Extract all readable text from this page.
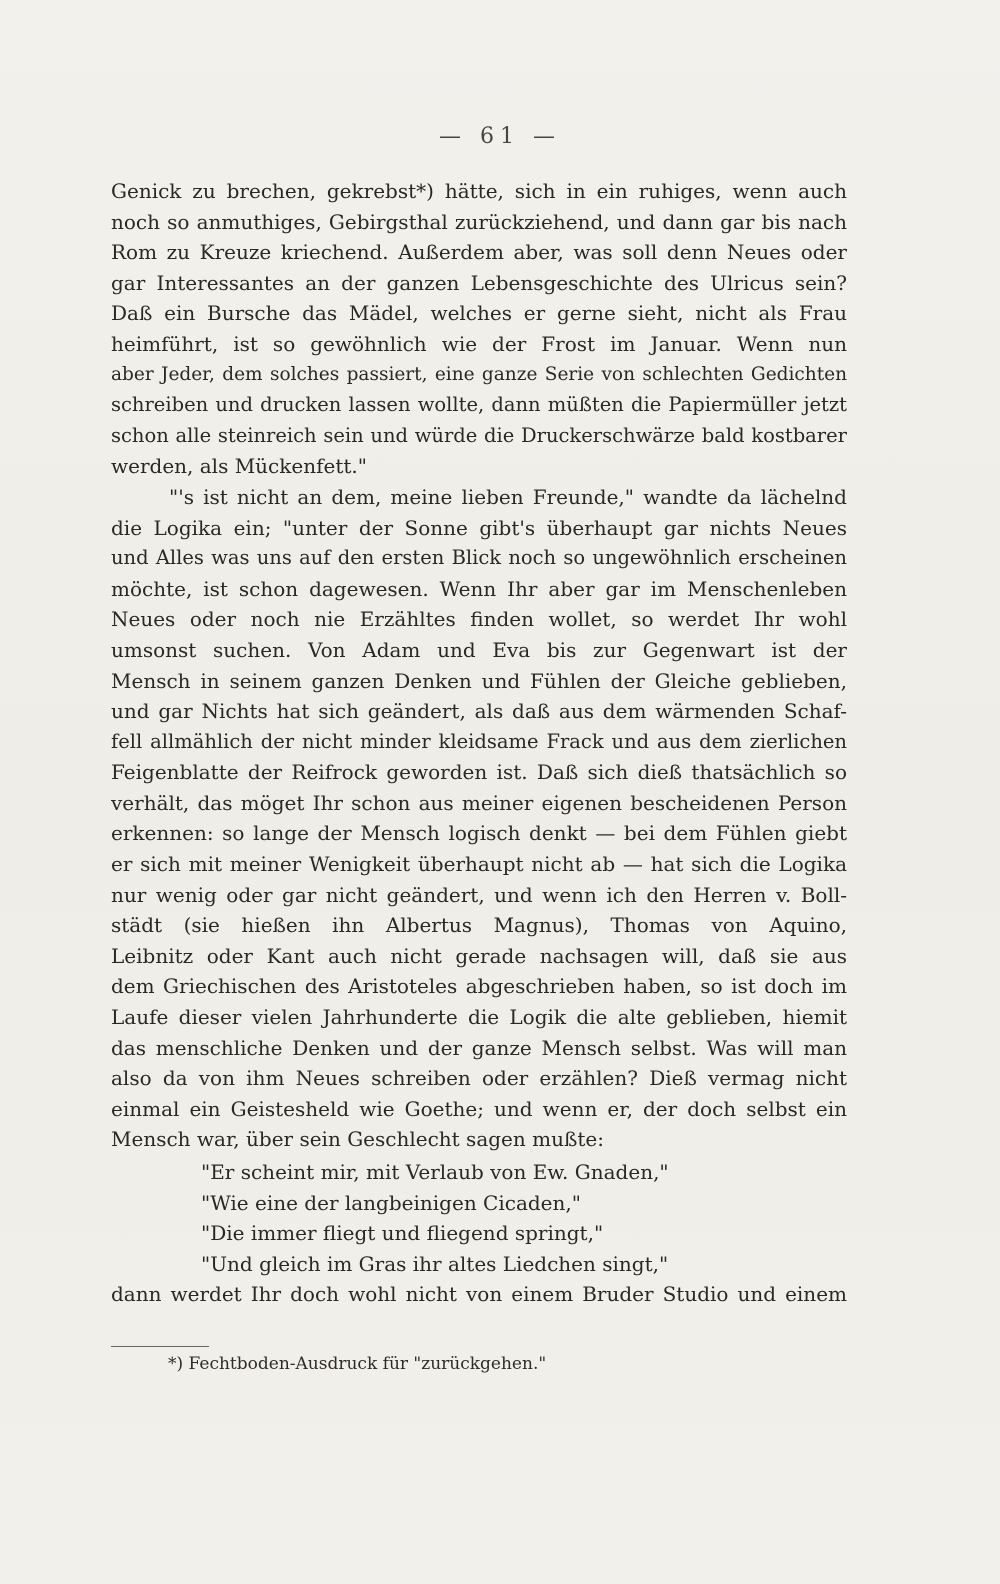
— 61 —
Genick zu brechen, gekrebst*) hätte, sich in ein ruhiges, wenn auch
noch so anmuthiges, Gebirgsthal zurückziehend, und dann gar bis nach
Rom zu Kreuze kriechend. Außerdem aber, was soll denn Neues oder
gar Interessantes an der ganzen Lebensgeschichte des Ulricus sein?
Daß ein Bursche das Mädel, welches er gerne sieht, nicht als Frau
heimführt, ist so gewöhnlich wie der Frost im Januar. Wenn nun
aber Jeder, dem solches passiert, eine ganze Serie von schlechten Gedichten
schreiben und drucken lassen wollte, dann müßten die Papiermüller jetzt
schon alle steinreich sein und würde die Druckerschwärze bald kostbarer
werden, als Mückenfett."
"'s ist nicht an dem, meine lieben Freunde," wandte da lächelnd
die Logika ein; "unter der Sonne gibt's überhaupt gar nichts Neues
und Alles was uns auf den ersten Blick noch so ungewöhnlich erscheinen
möchte, ist schon dagewesen. Wenn Ihr aber gar im Menschenleben
Neues oder noch nie Erzähltes finden wollet, so werdet Ihr wohl
umsonst suchen. Von Adam und Eva bis zur Gegenwart ist der
Mensch in seinem ganzen Denken und Fühlen der Gleiche geblieben,
und gar Nichts hat sich geändert, als daß aus dem wärmenden Schaf-
fell allmählich der nicht minder kleidsame Frack und aus dem zierlichen
Feigenblatte der Reifrock geworden ist. Daß sich dieß thatsächlich so
verhält, das möget Ihr schon aus meiner eigenen bescheidenen Person
erkennen: so lange der Mensch logisch denkt — bei dem Fühlen giebt
er sich mit meiner Wenigkeit überhaupt nicht ab — hat sich die Logika
nur wenig oder gar nicht geändert, und wenn ich den Herren v. Boll-
städt (sie hießen ihn Albertus Magnus), Thomas von Aquino,
Leibnitz oder Kant auch nicht gerade nachsagen will, daß sie aus
dem Griechischen des Aristoteles abgeschrieben haben, so ist doch im
Laufe dieser vielen Jahrhunderte die Logik die alte geblieben, hiemit
das menschliche Denken und der ganze Mensch selbst. Was will man
also da von ihm Neues schreiben oder erzählen? Dieß vermag nicht
einmal ein Geistesheld wie Goethe; und wenn er, der doch selbst ein
Mensch war, über sein Geschlecht sagen mußte:
"Er scheint mir, mit Verlaub von Ew. Gnaden,"
"Wie eine der langbeinigen Cicaden,"
"Die immer fliegt und fliegend springt,"
"Und gleich im Gras ihr altes Liedchen singt,"
dann werdet Ihr doch wohl nicht von einem Bruder Studio und einem
*) Fechtboden-Ausdruck für "zurückgehen."
